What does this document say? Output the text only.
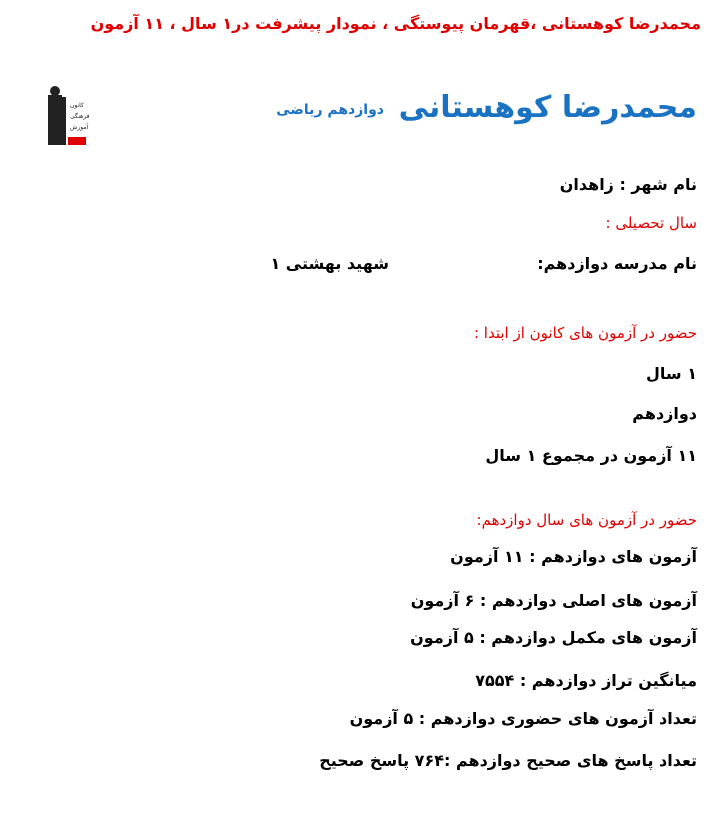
محمدرضا کوهستانی ،قهرمان پیوستگی ، نمودار پیشرفت در۱ سال ، ۱۱ آزمون
کانون
فرهنگی
آموزش
محمدرضا کوهستانی
دوازدهم ریاضی
نام شهر : زاهدان
سال تحصیلی :
نام مدرسه دوازدهم:
شهید بهشتی ۱
حضور در آزمون های کانون از ابتدا :
۱ سال
دوازدهم
۱۱ آزمون در مجموع ۱ سال
حضور در آزمون های سال دوازدهم:
آزمون های دوازدهم : ۱۱ آزمون
آزمون های اصلی دوازدهم : ۶ آزمون
آزمون های مکمل دوازدهم : ۵ آزمون
میانگین تراز دوازدهم : ۷۵۵۴
تعداد آزمون های حضوری دوازدهم : ۵ آزمون
تعداد پاسخ های صحیح دوازدهم :۷۶۴ پاسخ صحیح
